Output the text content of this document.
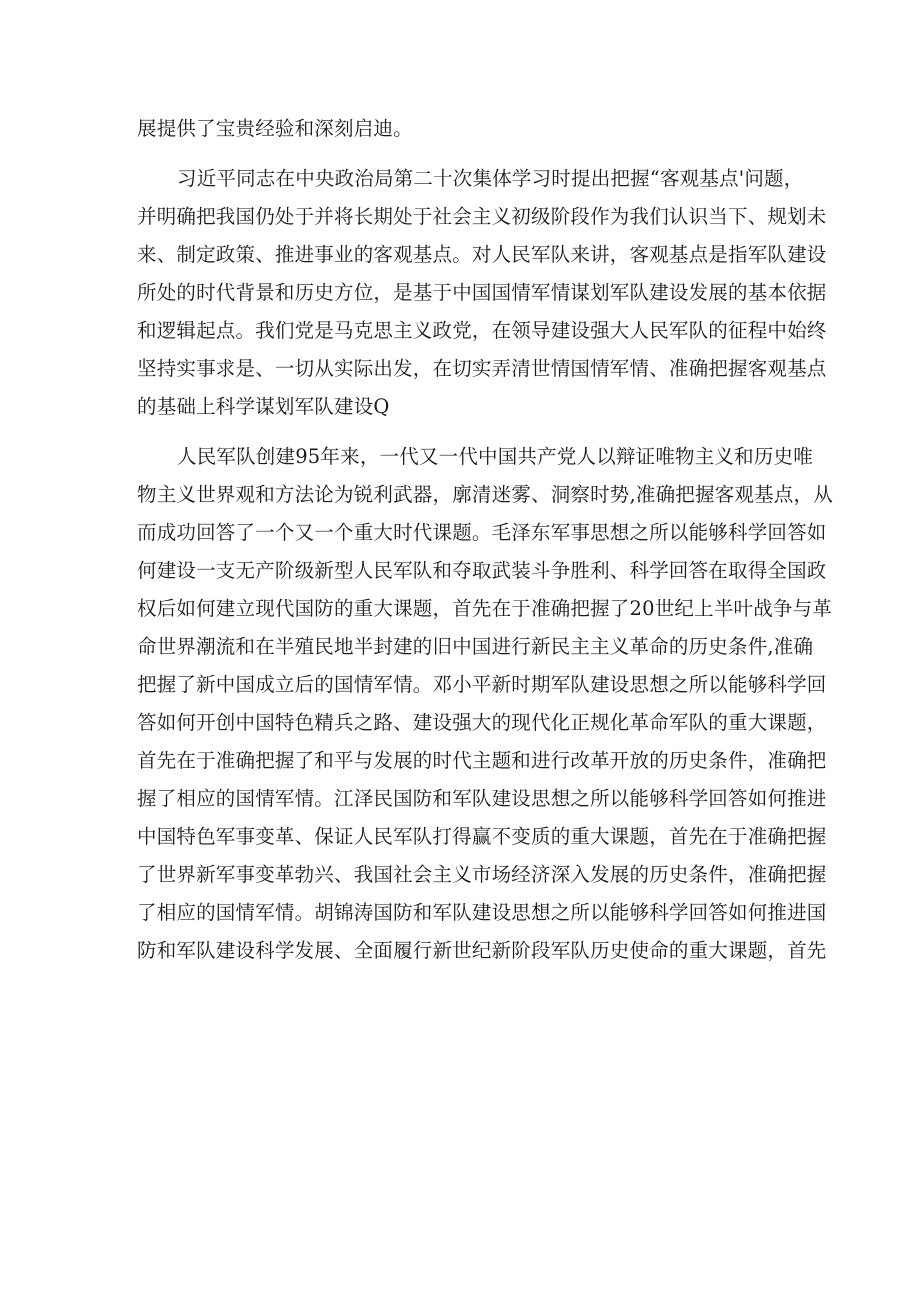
展提供了宝贵经验和深刻启迪。
习近平同志在中央政治局第二十次集体学习时提出把握“客观基点'问题，
并明确把我国仍处于并将长期处于社会主义初级阶段作为我们认识当下、规划未
来、制定政策、推进事业的客观基点。对人民军队来讲，客观基点是指军队建设
所处的时代背景和历史方位，是基于中国国情军情谋划军队建设发展的基本依据
和逻辑起点。我们党是马克思主义政党，在领导建设强大人民军队的征程中始终
坚持实事求是、一切从实际出发，在切实弄清世情国情军情、准确把握客观基点
的基础上科学谋划军队建设Q
人民军队创建95年来，一代又一代中国共产党人以辩证唯物主义和历史唯
物主义世界观和方法论为锐利武器，廓清迷雾、洞察时势,准确把握客观基点，从
而成功回答了一个又一个重大时代课题。毛泽东军事思想之所以能够科学回答如
何建设一支无产阶级新型人民军队和夺取武装斗争胜利、科学回答在取得全国政
权后如何建立现代国防的重大课题，首先在于准确把握了20世纪上半叶战争与革
命世界潮流和在半殖民地半封建的旧中国进行新民主主义革命的历史条件,准确
把握了新中国成立后的国情军情。邓小平新时期军队建设思想之所以能够科学回
答如何开创中国特色精兵之路、建设强大的现代化正规化革命军队的重大课题，
首先在于准确把握了和平与发展的时代主题和进行改革开放的历史条件，准确把
握了相应的国情军情。江泽民国防和军队建设思想之所以能够科学回答如何推进
中国特色军事变革、保证人民军队打得赢不变质的重大课题，首先在于准确把握
了世界新军事变革勃兴、我国社会主义市场经济深入发展的历史条件，准确把握
了相应的国情军情。胡锦涛国防和军队建设思想之所以能够科学回答如何推进国
防和军队建设科学发展、全面履行新世纪新阶段军队历史使命的重大课题，首先
